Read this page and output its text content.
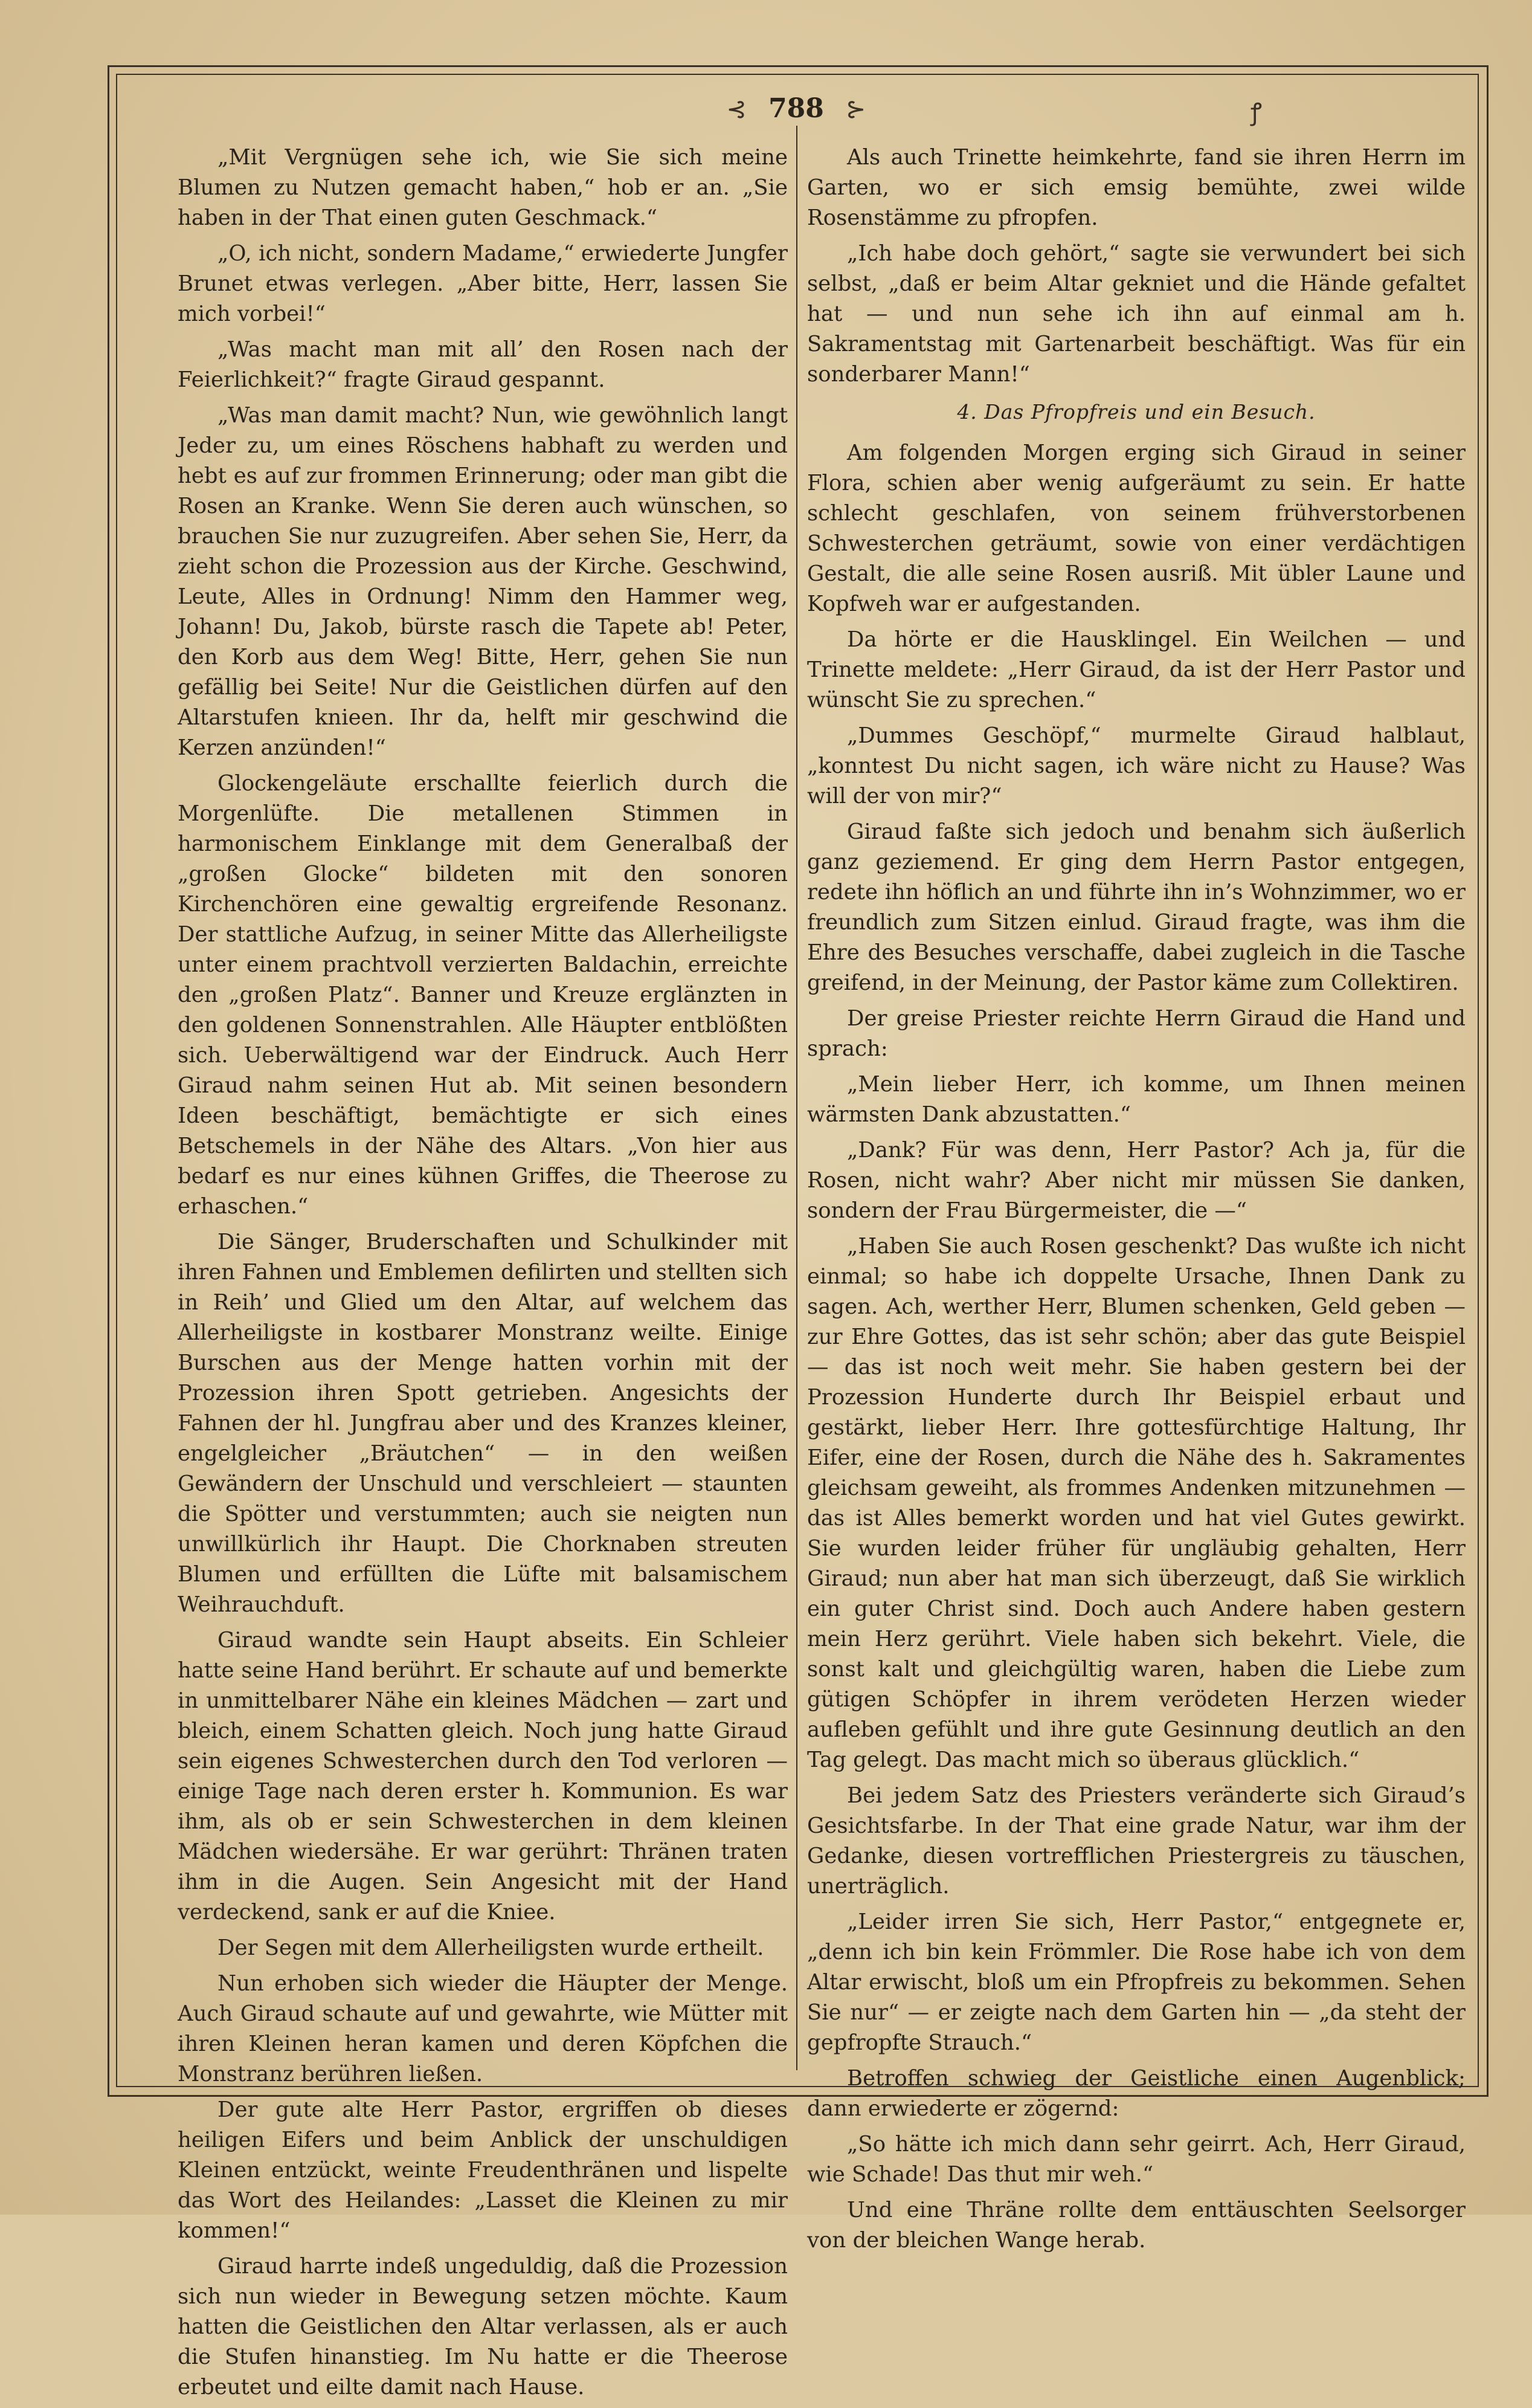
⊰ 788 ⊱	ꝭ

„Mit Vergnügen sehe ich, wie Sie sich meine Blumen zu Nutzen gemacht haben,“ hob er an. „Sie haben in der That einen guten Geschmack.“

„O, ich nicht, sondern Madame,“ erwiederte Jungfer Brunet etwas verlegen. „Aber bitte, Herr, lassen Sie mich vorbei!“

„Was macht man mit all’ den Rosen nach der Feierlichkeit?“ fragte Giraud gespannt.

„Was man damit macht? Nun, wie gewöhnlich langt Jeder zu, um eines Röschens habhaft zu werden und hebt es auf zur frommen Erinnerung; oder man gibt die Rosen an Kranke. Wenn Sie deren auch wünschen, so brauchen Sie nur zuzugreifen. Aber sehen Sie, Herr, da zieht schon die Prozession aus der Kirche. Geschwind, Leute, Alles in Ordnung! Nimm den Hammer weg, Johann! Du, Jakob, bürste rasch die Tapete ab! Peter, den Korb aus dem Weg! Bitte, Herr, gehen Sie nun gefällig bei Seite! Nur die Geistlichen dürfen auf den Altarstufen knieen. Ihr da, helft mir geschwind die Kerzen anzünden!“

Glockengeläute erschallte feierlich durch die Morgenlüfte. Die metallenen Stimmen in harmonischem Einklange mit dem Generalbaß der „großen Glocke“ bildeten mit den sonoren Kirchenchören eine gewaltig ergreifende Resonanz. Der stattliche Aufzug, in seiner Mitte das Allerheiligste unter einem prachtvoll verzierten Baldachin, erreichte den „großen Platz“. Banner und Kreuze erglänzten in den goldenen Sonnenstrahlen. Alle Häupter entblößten sich. Ueberwältigend war der Eindruck. Auch Herr Giraud nahm seinen Hut ab. Mit seinen besondern Ideen beschäftigt, bemächtigte er sich eines Betschemels in der Nähe des Altars. „Von hier aus bedarf es nur eines kühnen Griffes, die Theerose zu erhaschen.“

Die Sänger, Bruderschaften und Schulkinder mit ihren Fahnen und Emblemen defilirten und stellten sich in Reih’ und Glied um den Altar, auf welchem das Allerheiligste in kostbarer Monstranz weilte. Einige Burschen aus der Menge hatten vorhin mit der Prozession ihren Spott getrieben. Angesichts der Fahnen der hl. Jungfrau aber und des Kranzes kleiner, engelgleicher „Bräutchen“ — in den weißen Gewändern der Unschuld und verschleiert — staunten die Spötter und verstummten; auch sie neigten nun unwillkürlich ihr Haupt. Die Chorknaben streuten Blumen und erfüllten die Lüfte mit balsamischem Weihrauchduft.

Giraud wandte sein Haupt abseits. Ein Schleier hatte seine Hand berührt. Er schaute auf und bemerkte in unmittelbarer Nähe ein kleines Mädchen — zart und bleich, einem Schatten gleich. Noch jung hatte Giraud sein eigenes Schwesterchen durch den Tod verloren — einige Tage nach deren erster h. Kommunion. Es war ihm, als ob er sein Schwesterchen in dem kleinen Mädchen wiedersähe. Er war gerührt: Thränen traten ihm in die Augen. Sein Angesicht mit der Hand verdeckend, sank er auf die Kniee.

Der Segen mit dem Allerheiligsten wurde ertheilt.

Nun erhoben sich wieder die Häupter der Menge. Auch Giraud schaute auf und gewahrte, wie Mütter mit ihren Kleinen heran kamen und deren Köpfchen die Monstranz berühren ließen.

Der gute alte Herr Pastor, ergriffen ob dieses heiligen Eifers und beim Anblick der unschuldigen Kleinen entzückt, weinte Freudenthränen und lispelte das Wort des Heilandes: „Lasset die Kleinen zu mir kommen!“

Giraud harrte indeß ungeduldig, daß die Prozession sich nun wieder in Bewegung setzen möchte. Kaum hatten die Geistlichen den Altar verlassen, als er auch die Stufen hinanstieg. Im Nu hatte er die Theerose erbeutet und eilte damit nach Hause.

Als auch Trinette heimkehrte, fand sie ihren Herrn im Garten, wo er sich emsig bemühte, zwei wilde Rosenstämme zu pfropfen.

„Ich habe doch gehört,“ sagte sie verwundert bei sich selbst, „daß er beim Altar gekniet und die Hände gefaltet hat — und nun sehe ich ihn auf einmal am h. Sakramentstag mit Gartenarbeit beschäftigt. Was für ein sonderbarer Mann!“

4. Das Pfropfreis und ein Besuch.

Am folgenden Morgen erging sich Giraud in seiner Flora, schien aber wenig aufgeräumt zu sein. Er hatte schlecht geschlafen, von seinem frühverstorbenen Schwesterchen geträumt, sowie von einer verdächtigen Gestalt, die alle seine Rosen ausriß. Mit übler Laune und Kopfweh war er aufgestanden.

Da hörte er die Hausklingel. Ein Weilchen — und Trinette meldete: „Herr Giraud, da ist der Herr Pastor und wünscht Sie zu sprechen.“

„Dummes Geschöpf,“ murmelte Giraud halblaut, „konntest Du nicht sagen, ich wäre nicht zu Hause? Was will der von mir?“

Giraud faßte sich jedoch und benahm sich äußerlich ganz geziemend. Er ging dem Herrn Pastor entgegen, redete ihn höflich an und führte ihn in’s Wohnzimmer, wo er freundlich zum Sitzen einlud. Giraud fragte, was ihm die Ehre des Besuches verschaffe, dabei zugleich in die Tasche greifend, in der Meinung, der Pastor käme zum Collektiren.

Der greise Priester reichte Herrn Giraud die Hand und sprach:

„Mein lieber Herr, ich komme, um Ihnen meinen wärmsten Dank abzustatten.“

„Dank? Für was denn, Herr Pastor? Ach ja, für die Rosen, nicht wahr? Aber nicht mir müssen Sie danken, sondern der Frau Bürgermeister, die —“

„Haben Sie auch Rosen geschenkt? Das wußte ich nicht einmal; so habe ich doppelte Ursache, Ihnen Dank zu sagen. Ach, werther Herr, Blumen schenken, Geld geben — zur Ehre Gottes, das ist sehr schön; aber das gute Beispiel — das ist noch weit mehr. Sie haben gestern bei der Prozession Hunderte durch Ihr Beispiel erbaut und gestärkt, lieber Herr. Ihre gottesfürchtige Haltung, Ihr Eifer, eine der Rosen, durch die Nähe des h. Sakramentes gleichsam geweiht, als frommes Andenken mitzunehmen — das ist Alles bemerkt worden und hat viel Gutes gewirkt. Sie wurden leider früher für ungläubig gehalten, Herr Giraud; nun aber hat man sich überzeugt, daß Sie wirklich ein guter Christ sind. Doch auch Andere haben gestern mein Herz gerührt. Viele haben sich bekehrt. Viele, die sonst kalt und gleichgültig waren, haben die Liebe zum gütigen Schöpfer in ihrem verödeten Herzen wieder aufleben gefühlt und ihre gute Gesinnung deutlich an den Tag gelegt. Das macht mich so überaus glücklich.“

Bei jedem Satz des Priesters veränderte sich Giraud’s Gesichtsfarbe. In der That eine grade Natur, war ihm der Gedanke, diesen vortrefflichen Priestergreis zu täuschen, unerträglich.

„Leider irren Sie sich, Herr Pastor,“ entgegnete er, „denn ich bin kein Frömmler. Die Rose habe ich von dem Altar erwischt, bloß um ein Pfropfreis zu bekommen. Sehen Sie nur“ — er zeigte nach dem Garten hin — „da steht der gepfropfte Strauch.“

Betroffen schwieg der Geistliche einen Augenblick; dann erwiederte er zögernd:

„So hätte ich mich dann sehr geirrt. Ach, Herr Giraud, wie Schade! Das thut mir weh.“

Und eine Thräne rollte dem enttäuschten Seelsorger von der bleichen Wange herab.
